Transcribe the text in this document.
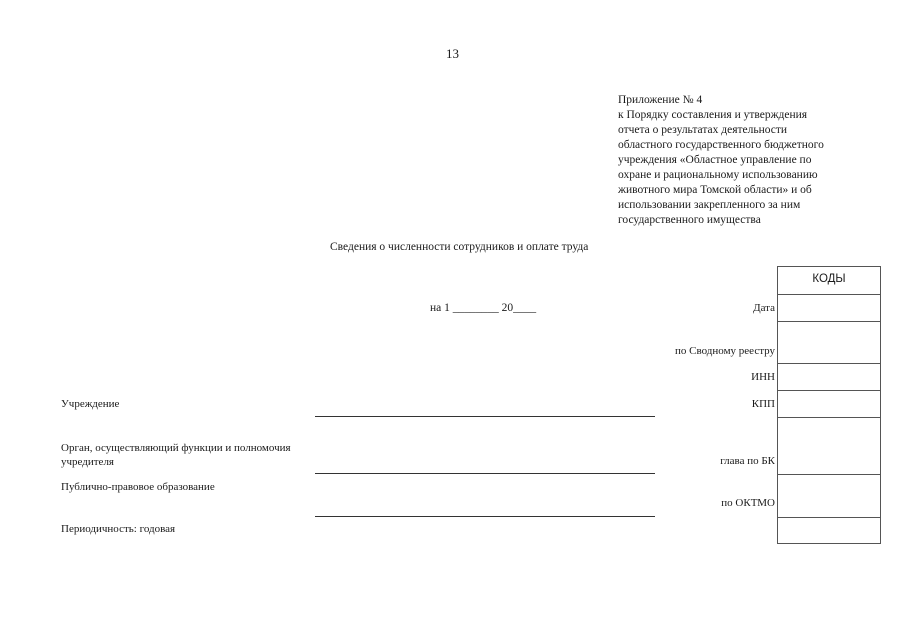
13
Приложение № 4
к Порядку составления и утверждения
отчета о результатах деятельности
областного государственного бюджетного
учреждения «Областное управление по
охране и рациональному использованию
животного мира Томской области» и об
использовании закрепленного за ним
государственного имущества
Сведения о численности сотрудников и оплате труда
на 1 ________ 20____
Учреждение
Орган, осуществляющий функции и полномочия
учредителя
Публично-правовое образование
Периодичность: годовая
Дата
по Сводному реестру
ИНН
КПП
глава по БК
по ОКТМО
КОДЫ
